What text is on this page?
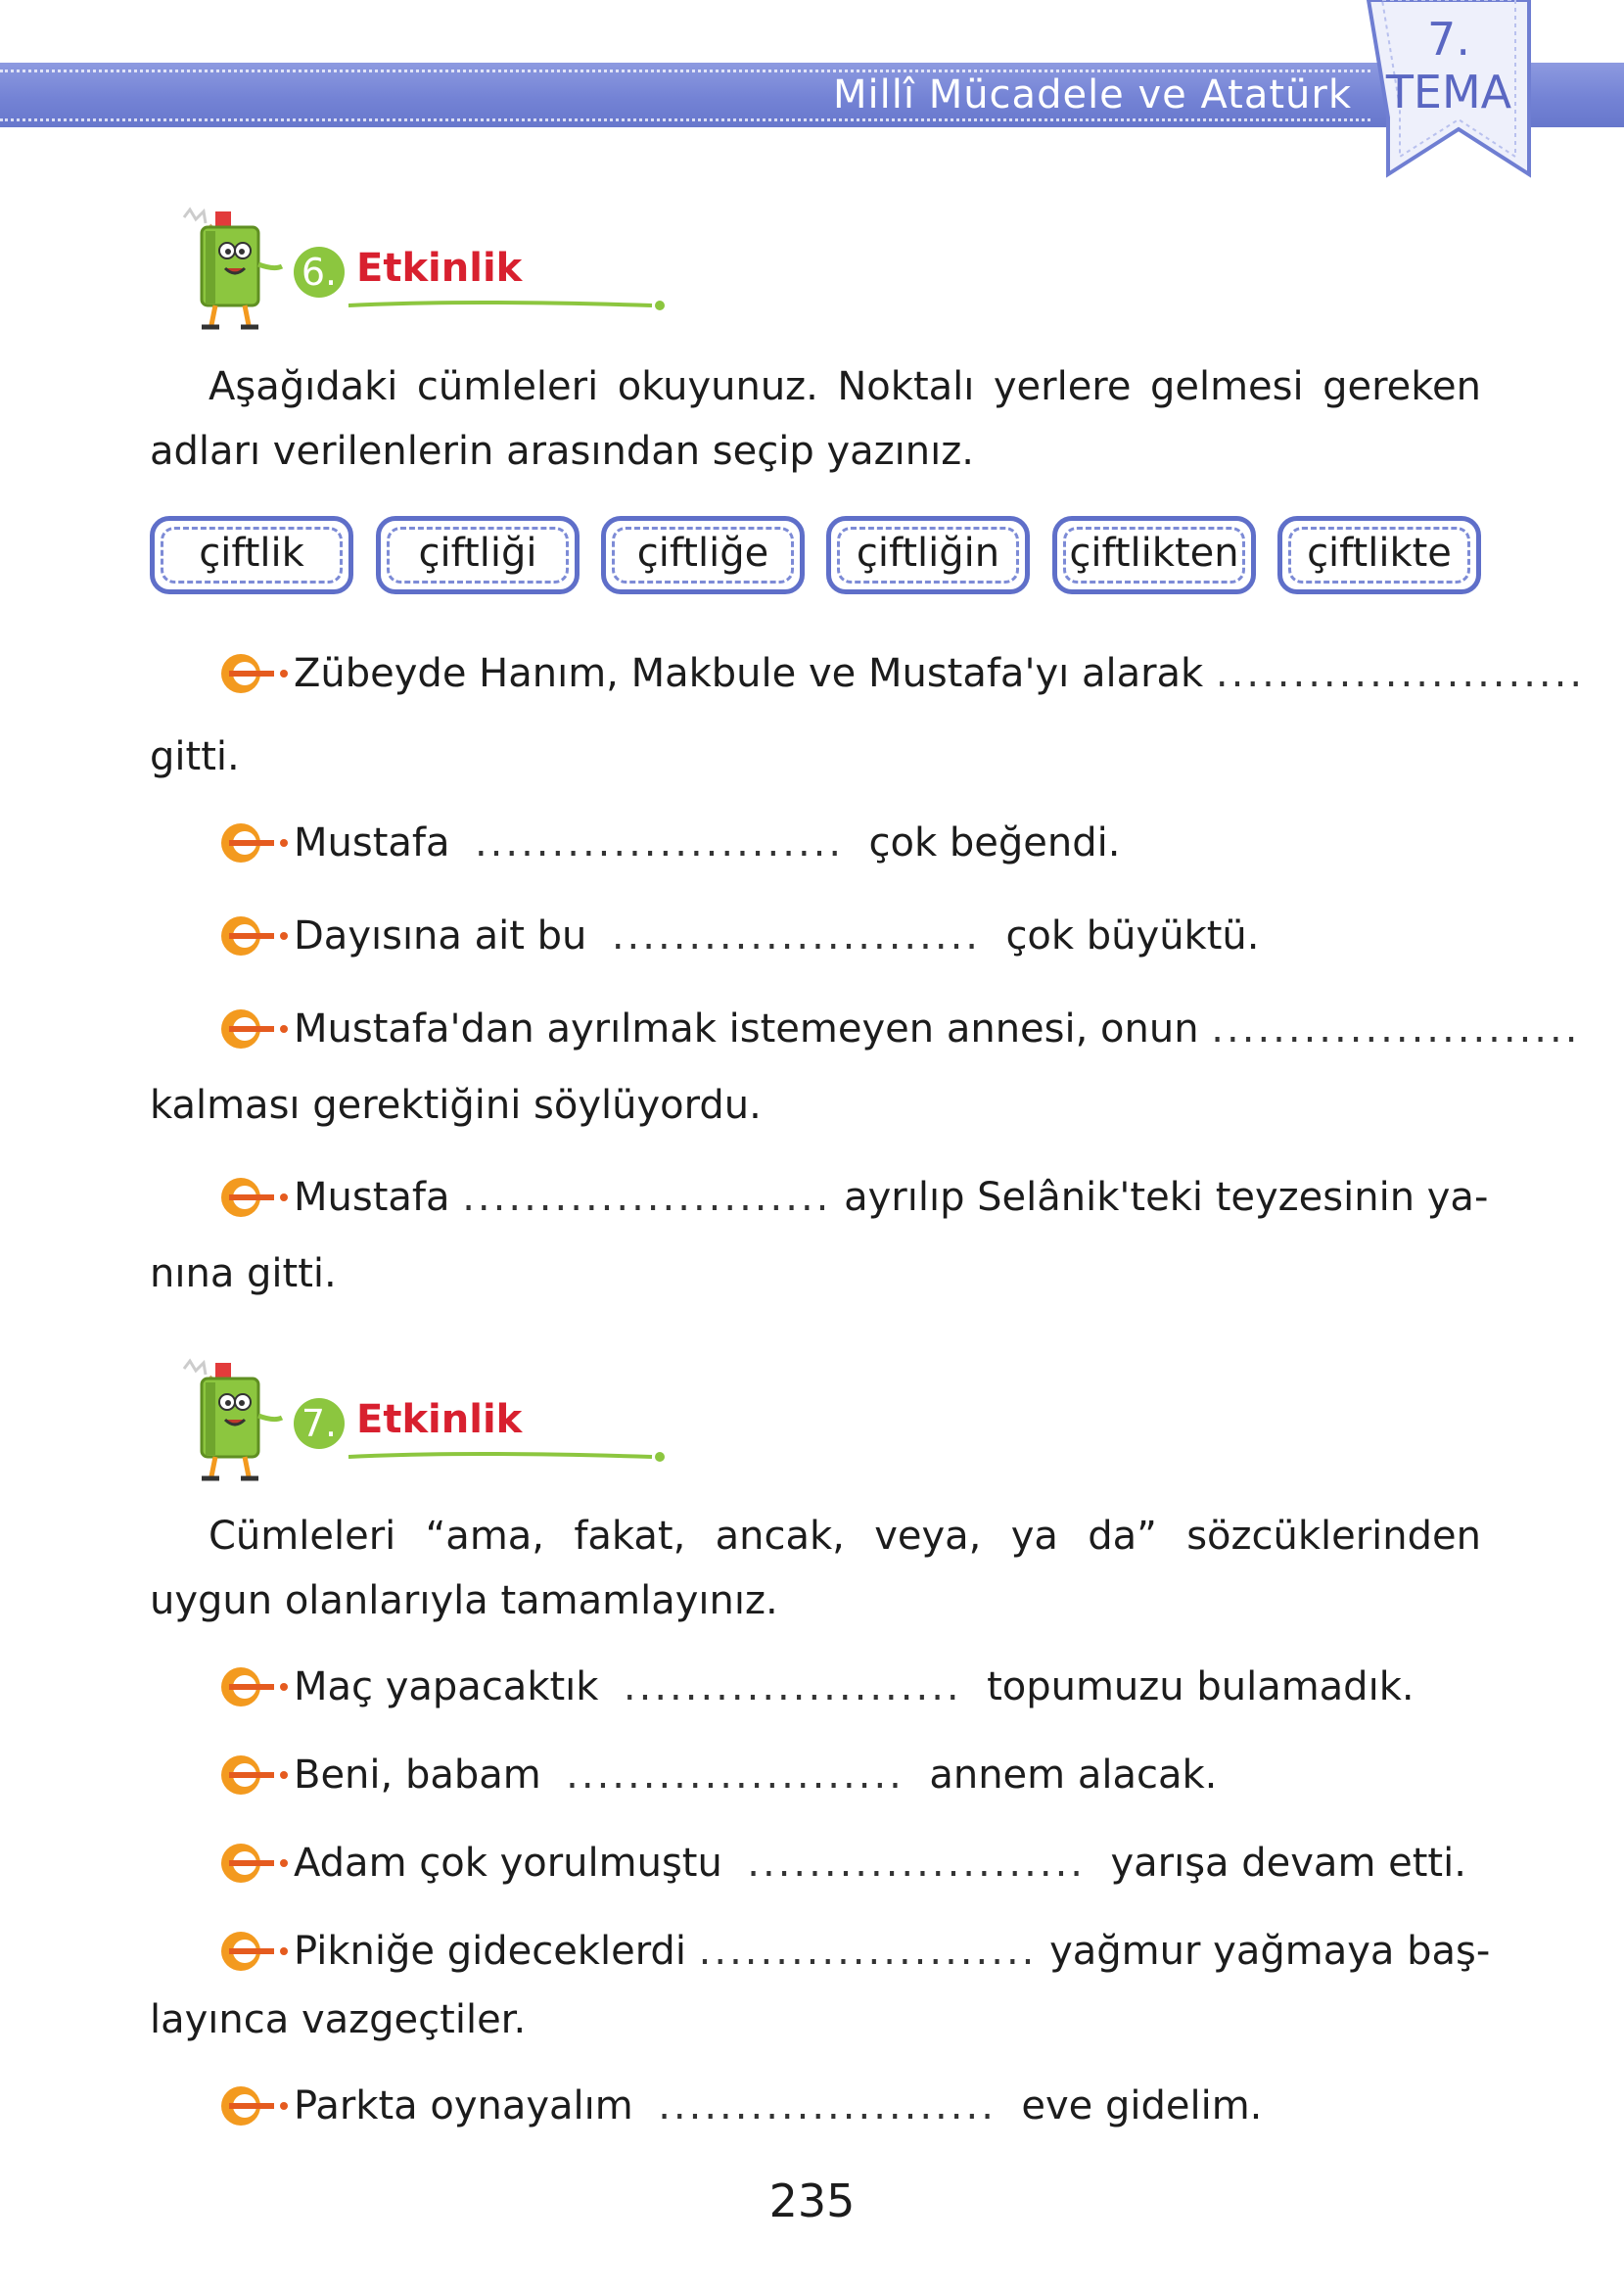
Millî Mücadele ve Atatürk
7.
TEMA
6. Etkinlik
Aşağıdaki cümleleri okuyunuz. Noktalı yerlere gelmesi gereken adları verilenlerin arasından seçip yazınız.
çiftlik	çiftliği	çiftliğe	çiftliğin	çiftlikten	çiftlikte
Zübeyde Hanım, Makbule ve Mustafa'yı alarak ........................
gitti.
Mustafa ........................ çok beğendi.
Dayısına ait bu ........................ çok büyüktü.
Mustafa'dan ayrılmak istemeyen annesi, onun ........................
kalması gerektiğini söylüyordu.
Mustafa ........................ ayrılıp Selânik'teki teyzesinin ya-
nına gitti.
7. Etkinlik
Cümleleri “ama, fakat, ancak, veya, ya da” sözcüklerinden uygun olanlarıyla tamamlayınız.
Maç yapacaktık ...................... topumuzu bulamadık.
Beni, babam ...................... annem alacak.
Adam çok yorulmuştu ...................... yarışa devam etti.
Pikniğe gideceklerdi ...................... yağmur yağmaya baş-
layınca vazgeçtiler.
Parkta oynayalım ...................... eve gidelim.
235
